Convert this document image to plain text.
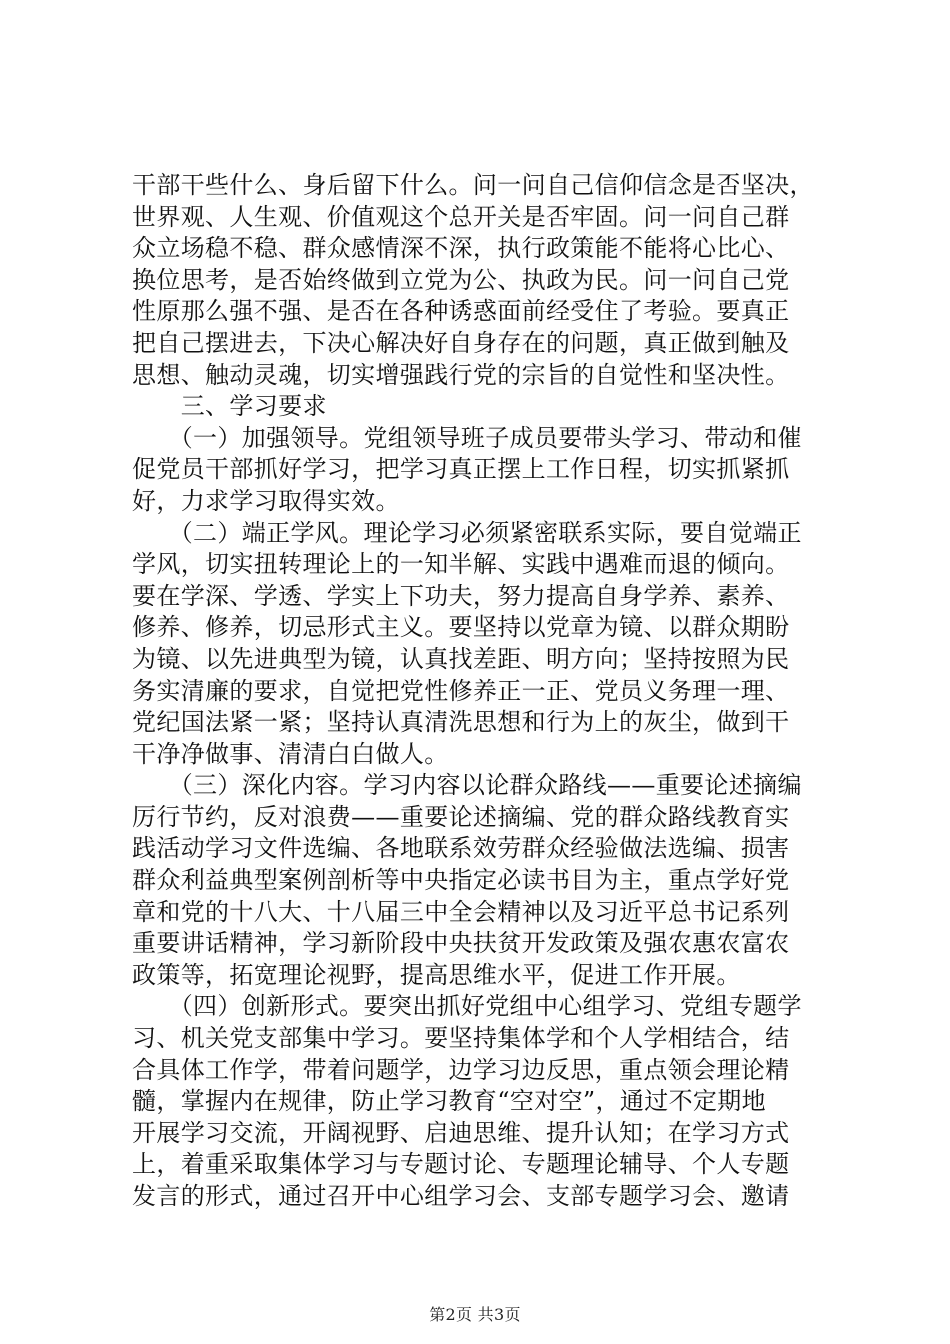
干部干些什么、身后留下什么。问一问自己信仰信念是否坚决，
世界观、人生观、价值观这个总开关是否牢固。问一问自己群
众立场稳不稳、群众感情深不深，执行政策能不能将心比心、
换位思考，是否始终做到立党为公、执政为民。问一问自己党
性原那么强不强、是否在各种诱惑面前经受住了考验。要真正
把自己摆进去，下决心解决好自身存在的问题，真正做到触及
思想、触动灵魂，切实增强践行党的宗旨的自觉性和坚决性。
　　三、学习要求
　　（一）加强领导。党组领导班子成员要带头学习、带动和催
促党员干部抓好学习，把学习真正摆上工作日程，切实抓紧抓
好，力求学习取得实效。
　　（二）端正学风。理论学习必须紧密联系实际，要自觉端正
学风，切实扭转理论上的一知半解、实践中遇难而退的倾向。
要在学深、学透、学实上下功夫，努力提高自身学养、素养、
修养、修养，切忌形式主义。要坚持以党章为镜、以群众期盼
为镜、以先进典型为镜，认真找差距、明方向；坚持按照为民
务实清廉的要求，自觉把党性修养正一正、党员义务理一理、
党纪国法紧一紧；坚持认真清洗思想和行为上的灰尘，做到干
干净净做事、清清白白做人。
　　（三）深化内容。学习内容以论群众路线——重要论述摘编
厉行节约，反对浪费——重要论述摘编、党的群众路线教育实
践活动学习文件选编、各地联系效劳群众经验做法选编、损害
群众利益典型案例剖析等中央指定必读书目为主，重点学好党
章和党的十八大、十八届三中全会精神以及习近平总书记系列
重要讲话精神，学习新阶段中央扶贫开发政策及强农惠农富农
政策等，拓宽理论视野，提高思维水平，促进工作开展。
　　（四）创新形式。要突出抓好党组中心组学习、党组专题学
习、机关党支部集中学习。要坚持集体学和个人学相结合，结
合具体工作学，带着问题学，边学习边反思，重点领会理论精
髓，掌握内在规律，防止学习教育“空对空”，通过不定期地
开展学习交流，开阔视野、启迪思维、提升认知；在学习方式
上，着重采取集体学习与专题讨论、专题理论辅导、个人专题
发言的形式，通过召开中心组学习会、支部专题学习会、邀请
第2页 共3页
